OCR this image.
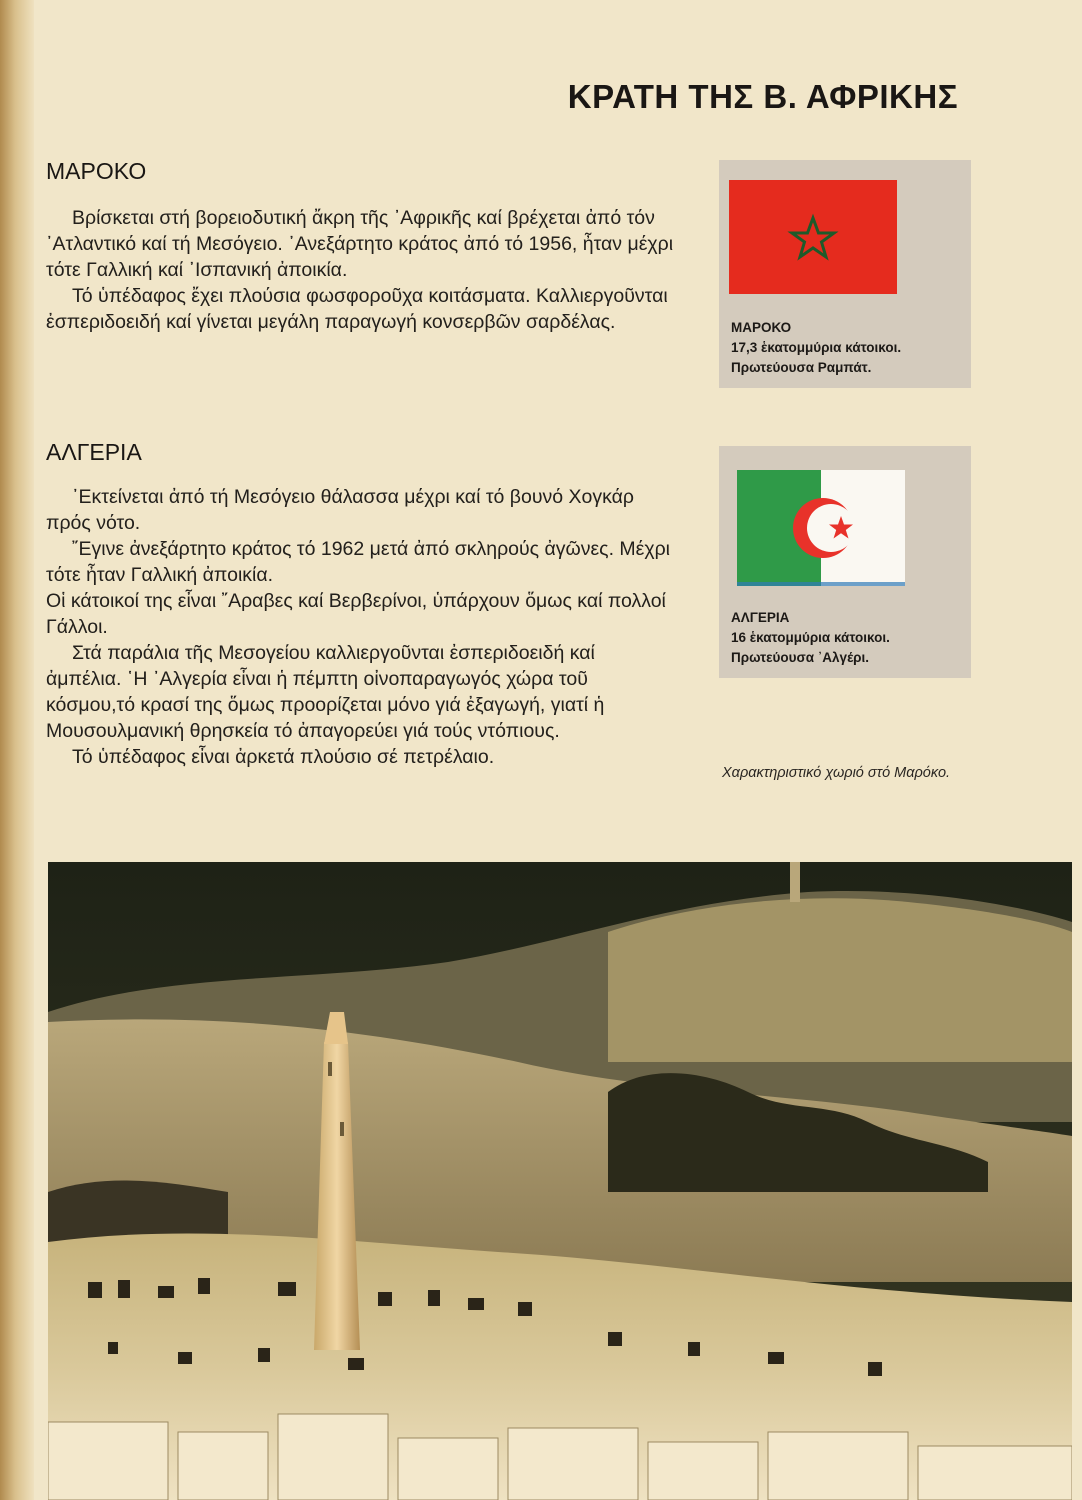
ΚΡΑΤΗ ΤΗΣ Β. ΑΦΡΙΚΗΣ
ΜΑΡΟΚΟ

Βρίσκεται στή βορειοδυτική ἄκρη τῆς ᾿Αφρικῆς καί βρέχεται ἀπό τόν ᾿Ατλαντικό καί τή Μεσόγειο. ᾿Ανεξάρτητο κράτος ἀπό τό 1956, ἦταν μέχρι τότε Γαλλική καί ᾿Ισπανική ἀποικία.

Τό ὑπέδαφος ἔχει πλούσια φωσφοροῦχα κοιτάσματα. Καλλιεργοῦνται ἐσπεριδοειδή καί γίνεται μεγάλη παραγωγή κονσερβῶν σαρδέλας.

ΑΛΓΕΡΙΑ

᾿Εκτείνεται ἀπό τή Μεσόγειο θάλασσα μέχρι καί τό βουνό Χογκάρ πρός νότο.

῎Εγινε ἀνεξάρτητο κράτος τό 1962 μετά ἀπό σκληρούς ἀγῶνες. Μέχρι τότε ἦταν Γαλλική ἀποικία.

Οἱ κάτοικοί της εἶναι ῎Αραβες καί Βερβερίνοι, ὑπάρχουν ὅμως καί πολλοί Γάλλοι.

Στά παράλια τῆς Μεσογείου καλλιεργοῦνται ἐσπεριδοειδή καί ἀμπέλια. ῾Η ᾿Αλγερία εἶναι ἡ πέμπτη οἰνοπαραγωγός χώρα τοῦ κόσμου,τό κρασί της ὅμως προορίζεται μόνο γιά ἐξαγωγή, γιατί ἡ Μουσουλμανική θρησκεία τό ἀπαγορεύει γιά τούς ντόπιους.

Τό ὑπέδαφος εἶναι ἀρκετά πλούσιο σέ πετρέλαιο.

ΜΑΡΟΚΟ
17,3 ἑκατομμύρια κάτοικοι.
Πρωτεύουσα Ραμπάτ.
ΑΛΓΕΡΙΑ
16 ἑκατομμύρια κάτοικοι.
Πρωτεύουσα ᾿Αλγέρι.
Χαρακτηριστικό χωριό στό Μαρόκο.
